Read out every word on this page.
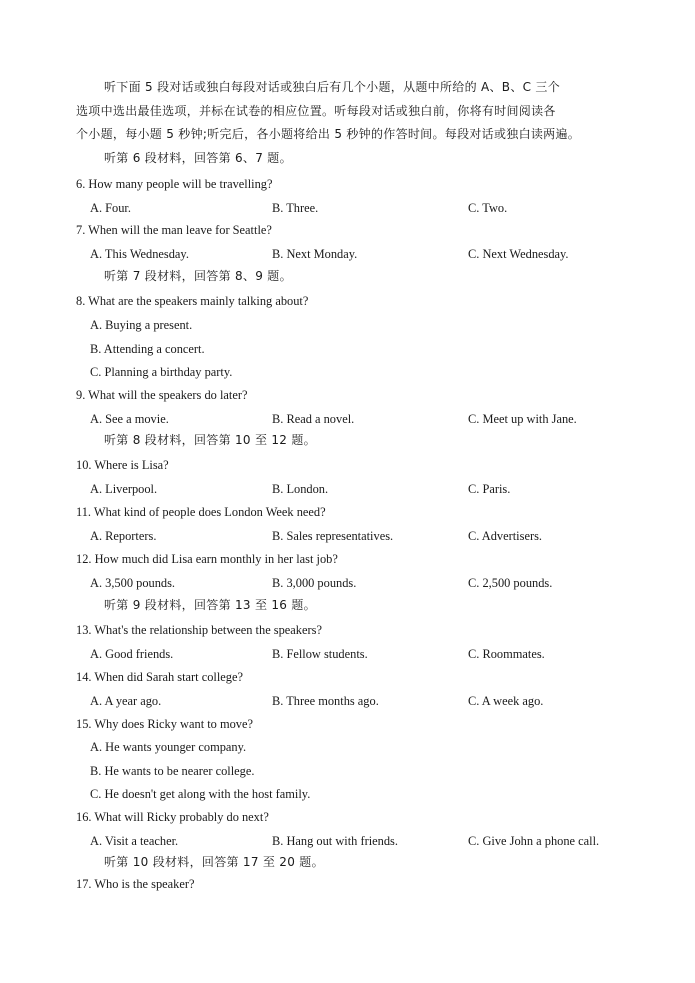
听下面 5 段对话或独白每段对话或独白后有几个小题，从题中所给的 A、B、C 三个
选项中选出最佳选项，并标在试卷的相应位置。听每段对话或独白前，你将有时间阅读各
个小题，每小题 5 秒钟;听完后，各小题将给出 5 秒钟的作答时间。每段对话或独白读两遍。
听第 6 段材料，回答第 6、7 题。
6. How many people will be travelling?
A. Four.	B. Three.	C. Two.
7. When will the man leave for Seattle?
A. This Wednesday.	B. Next Monday.	C. Next Wednesday.
听第 7 段材料，回答第 8、9 题。
8. What are the speakers mainly talking about?
A. Buying a present.
B. Attending a concert.
C. Planning a birthday party.
9. What will the speakers do later?
A. See a movie.	B. Read a novel.	C. Meet up with Jane.
听第 8 段材料，回答第 10 至 12 题。
10. Where is Lisa?
A. Liverpool.	B. London.	C. Paris.
11. What kind of people does London Week need?
A. Reporters.	B. Sales representatives.	C. Advertisers.
12. How much did Lisa earn monthly in her last job?
A. 3,500 pounds.	B. 3,000 pounds.	C. 2,500 pounds.
听第 9 段材料，回答第 13 至 16 题。
13. What's the relationship between the speakers?
A. Good friends.	B. Fellow students.	C. Roommates.
14. When did Sarah start college?
A. A year ago.	B. Three months ago.	C. A week ago.
15. Why does Ricky want to move?
A. He wants younger company.
B. He wants to be nearer college.
C. He doesn't get along with the host family.
16. What will Ricky probably do next?
A. Visit a teacher.	B. Hang out with friends.	C. Give John a phone call.
听第 10 段材料，回答第 17 至 20 题。
17. Who is the speaker?
